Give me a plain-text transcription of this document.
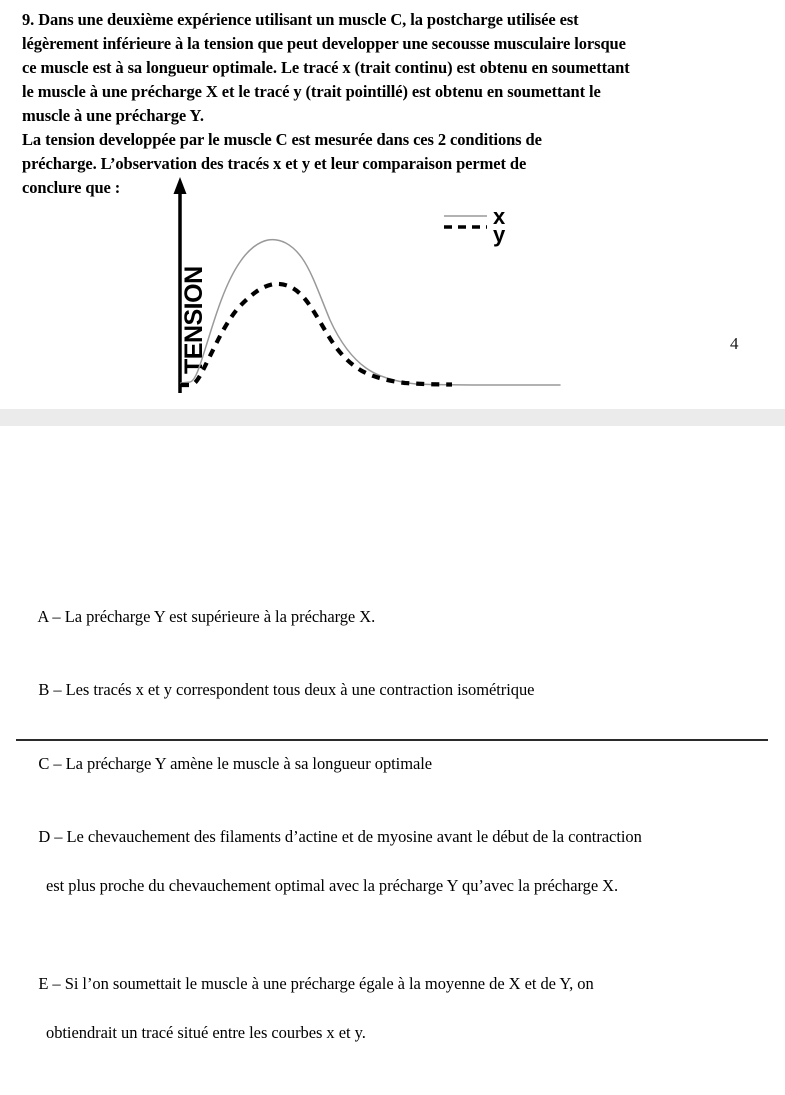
9. Dans une deuxième expérience utilisant un muscle C, la postcharge utilisée est
légèrement inférieure à la tension que peut developper une secousse musculaire lorsque
ce muscle est à sa longueur optimale. Le tracé x (trait continu) est obtenu en soumettant
le muscle à une précharge X et le tracé y (trait pointillé) est obtenu en soumettant le
muscle à une précharge Y.
La tension developpée par le muscle C est mesurée dans ces 2 conditions de
précharge. L’observation des tracés x et y et leur comparaison permet de
conclure que :
TENSION
x
y
4

A – La précharge Y est supérieure à la précharge X.

B – Les tracés x et y correspondent tous deux à une contraction isométrique

C – La précharge Y amène le muscle à sa longueur optimale

D – Le chevauchement des filaments d’actine et de myosine avant le début de la contraction

est plus proche du chevauchement optimal avec la précharge Y qu’avec la précharge X.

E – Si l’on soumettait le muscle à une précharge égale à la moyenne de X et de Y, on

obtiendrait un tracé situé entre les courbes x et y.
